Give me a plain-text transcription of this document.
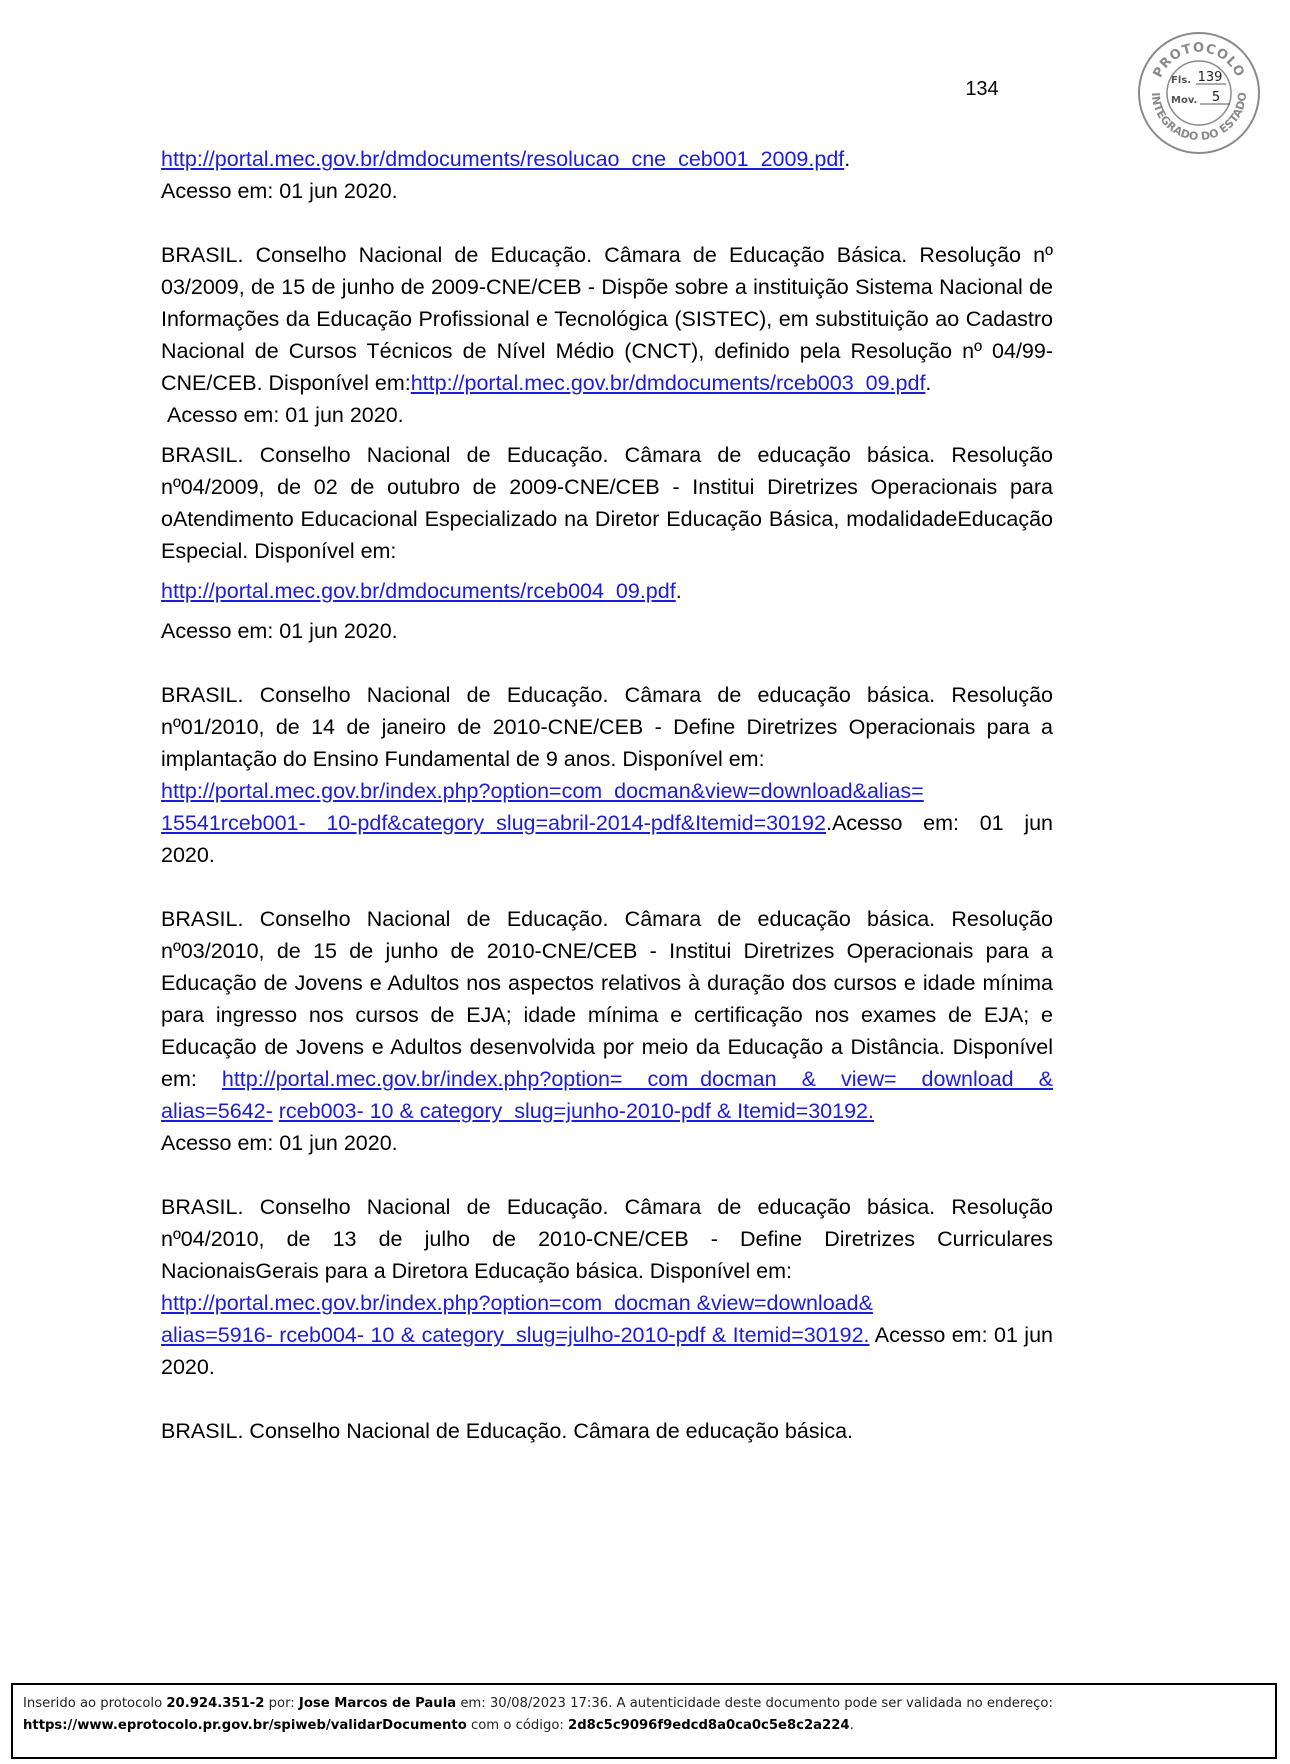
134
PROTOCOLO
INTEGRADO DO ESTADO
Fls. 139
Mov. 5

http://portal.mec.gov.br/dmdocuments/resolucao_cne_ceb001_2009.pdf.
Acesso em: 01 jun 2020.

BRASIL. Conselho Nacional de Educação. Câmara de Educação Básica. Resolução nº 03/2009, de 15 de junho de 2009-CNE/CEB - Dispõe sobre a instituição Sistema Nacional de Informações da Educação Profissional e Tecnológica (SISTEC), em substituição ao Cadastro Nacional de Cursos Técnicos de Nível Médio (CNCT), definido pela Resolução nº 04/99-CNE/CEB. Disponível em:http://portal.mec.gov.br/dmdocuments/rceb003_09.pdf.

Acesso em: 01 jun 2020.

BRASIL. Conselho Nacional de Educação. Câmara de educação básica. Resolução nº04/2009, de 02 de outubro de 2009-CNE/CEB - Institui Diretrizes Operacionais para oAtendimento Educacional Especializado na Diretor Educação Básica, modalidadeEducação Especial. Disponível em:

http://portal.mec.gov.br/dmdocuments/rceb004_09.pdf.

Acesso em: 01 jun 2020.

BRASIL. Conselho Nacional de Educação. Câmara de educação básica. Resolução nº01/2010, de 14 de janeiro de 2010-CNE/CEB - Define Diretrizes Operacionais para a implantação do Ensino Fundamental de 9 anos. Disponível em:
http://portal.mec.gov.br/index.php?option=com_docman&view=download&alias=
15541rceb001- 10-pdf&category_slug=abril-2014-pdf&Itemid=30192.Acesso em: 01 jun 2020.

BRASIL. Conselho Nacional de Educação. Câmara de educação básica. Resolução nº03/2010, de 15 de junho de 2010-CNE/CEB - Institui Diretrizes Operacionais para a Educação de Jovens e Adultos nos aspectos relativos à duração dos cursos e idade mínima para ingresso nos cursos de EJA; idade mínima e certificação nos exames de EJA; e Educação de Jovens e Adultos desenvolvida por meio da Educação a Distância. Disponível em: http://portal.mec.gov.br/index.php?option= com_docman & view= download & alias=5642- rceb003- 10 & category_slug=junho-2010-pdf & Itemid=30192.
Acesso em: 01 jun 2020.

BRASIL. Conselho Nacional de Educação. Câmara de educação básica. Resolução nº04/2010, de 13 de julho de 2010-CNE/CEB - Define Diretrizes Curriculares NacionaisGerais para a Diretora Educação básica. Disponível em:
http://portal.mec.gov.br/index.php?option=com_docman &view=download&
alias=5916- rceb004- 10 & category_slug=julho-2010-pdf & Itemid=30192. Acesso em: 01 jun 2020.

BRASIL. Conselho Nacional de Educação. Câmara de educação básica.

Inserido ao protocolo 20.924.351-2 por: Jose Marcos de Paula em: 30/08/2023 17:36. A autenticidade deste documento pode ser validada no endereço:
https://www.eprotocolo.pr.gov.br/spiweb/validarDocumento com o código: 2d8c5c9096f9edcd8a0ca0c5e8c2a224.
